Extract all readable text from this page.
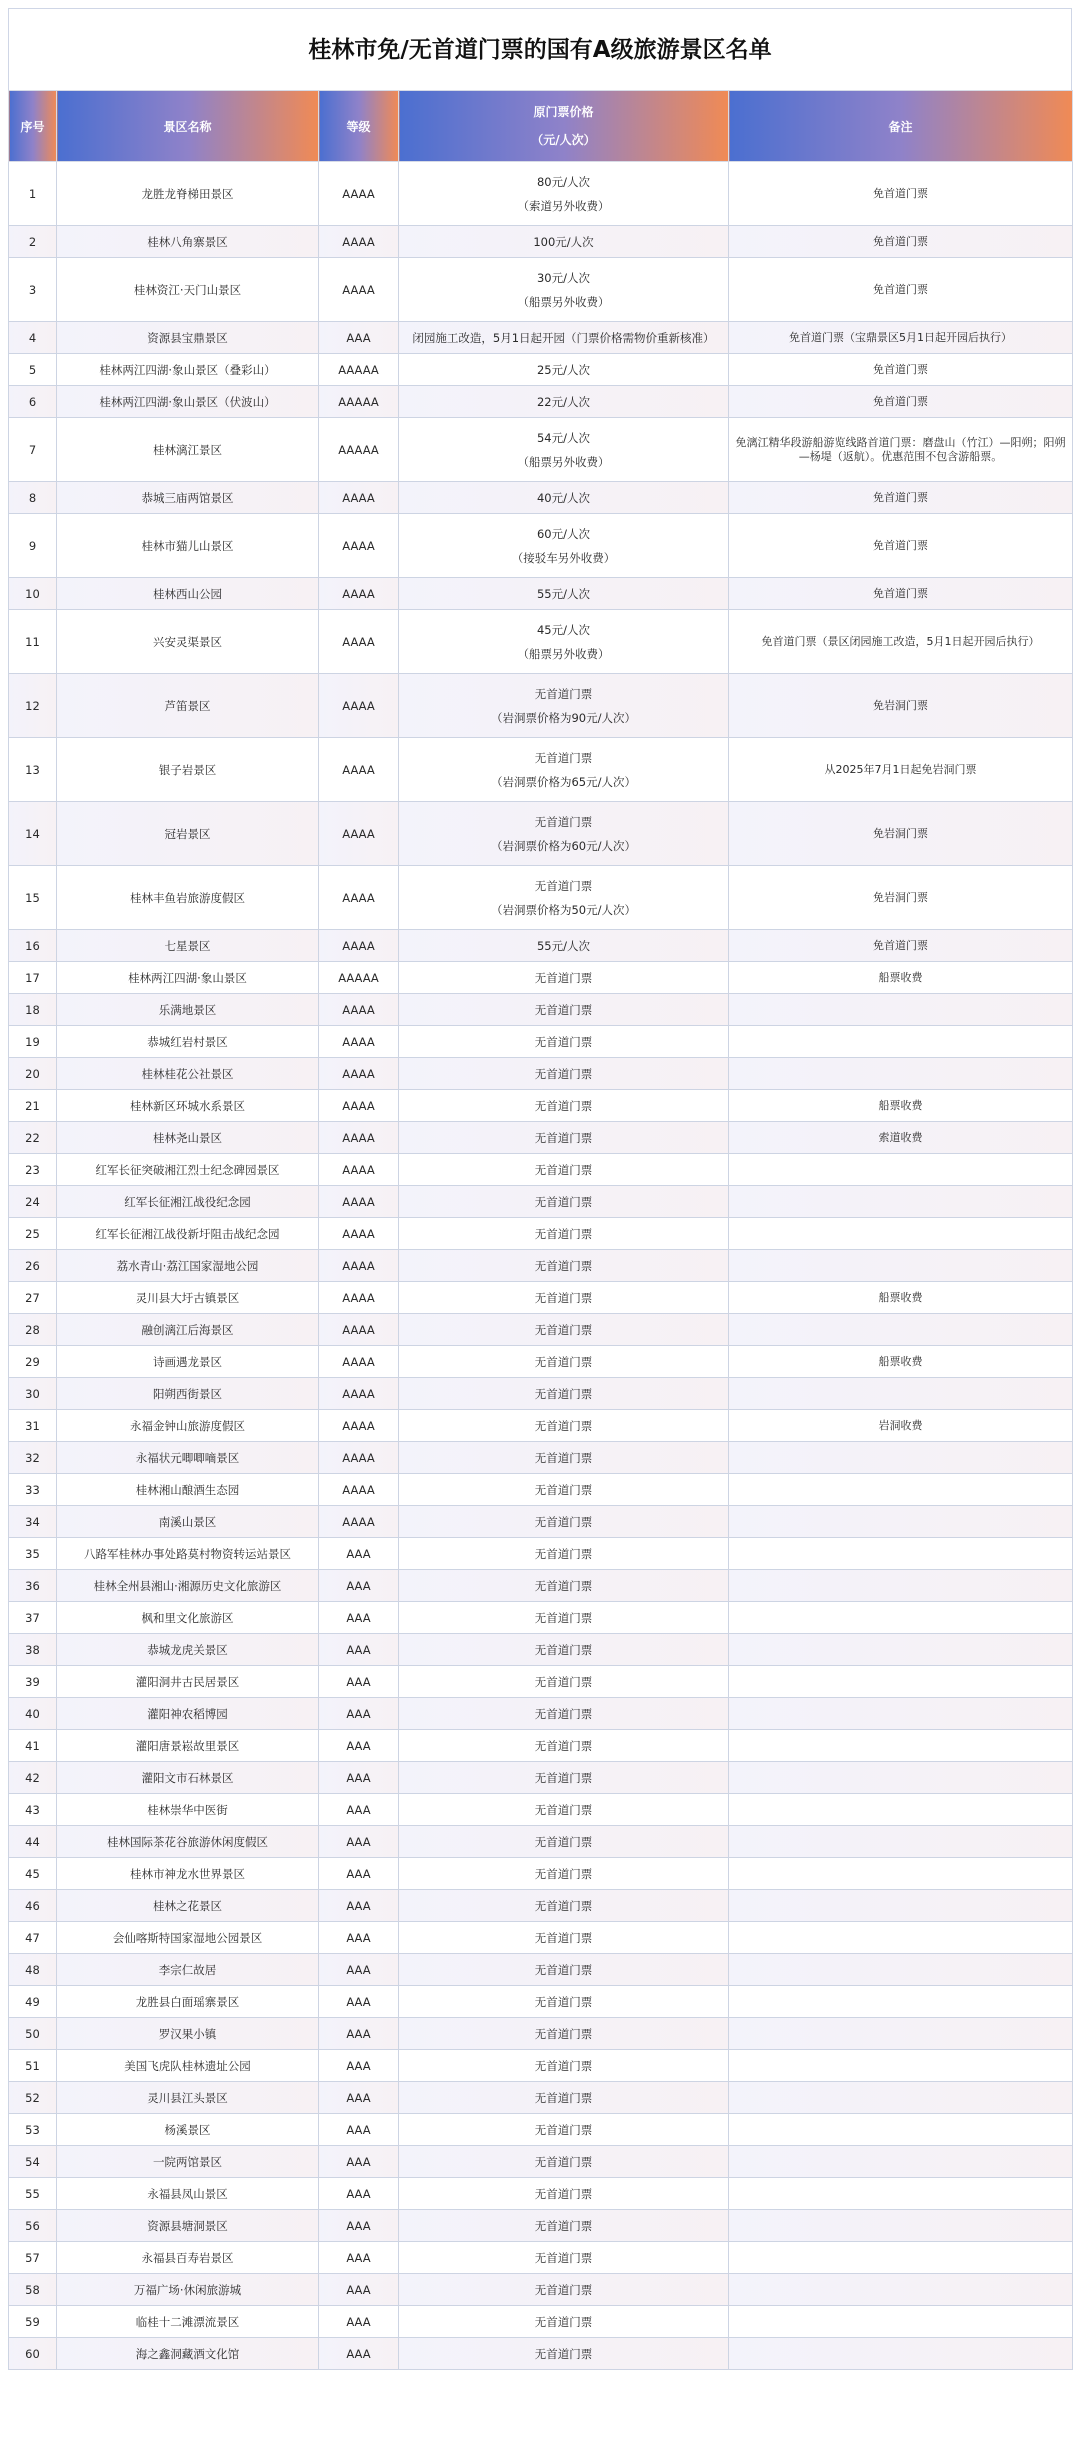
桂林市免/无首道门票的国有A级旅游景区名单
序号	景区名称	等级	原门票价格
（元/人次）	备注
1	龙胜龙脊梯田景区	AAAA	80元/人次
（索道另外收费）	免首道门票
2	桂林八角寨景区	AAAA	100元/人次	免首道门票
3	桂林资江·天门山景区	AAAA	30元/人次
（船票另外收费）	免首道门票
4	资源县宝鼎景区	AAA	闭园施工改造，5月1日起开园（门票价格需物价重新核准）	免首道门票（宝鼎景区5月1日起开园后执行）
5	桂林两江四湖·象山景区（叠彩山）	AAAAA	25元/人次	免首道门票
6	桂林两江四湖·象山景区（伏波山）	AAAAA	22元/人次	免首道门票
7	桂林漓江景区	AAAAA	54元/人次
（船票另外收费）	免漓江精华段游船游览线路首道门票：磨盘山（竹江）—阳朔；阳朔—杨堤（返航）。优惠范围不包含游船票。
8	恭城三庙两馆景区	AAAA	40元/人次	免首道门票
9	桂林市猫儿山景区	AAAA	60元/人次
（接驳车另外收费）	免首道门票
10	桂林西山公园	AAAA	55元/人次	免首道门票
11	兴安灵渠景区	AAAA	45元/人次
（船票另外收费）	免首道门票（景区闭园施工改造，5月1日起开园后执行）
12	芦笛景区	AAAA	无首道门票
（岩洞票价格为90元/人次）	免岩洞门票
13	银子岩景区	AAAA	无首道门票
（岩洞票价格为65元/人次）	从2025年7月1日起免岩洞门票
14	冠岩景区	AAAA	无首道门票
（岩洞票价格为60元/人次）	免岩洞门票
15	桂林丰鱼岩旅游度假区	AAAA	无首道门票
（岩洞票价格为50元/人次）	免岩洞门票
16	七星景区	AAAA	55元/人次	免首道门票
17	桂林两江四湖·象山景区	AAAAA	无首道门票	船票收费
18	乐满地景区	AAAA	无首道门票	
19	恭城红岩村景区	AAAA	无首道门票	
20	桂林桂花公社景区	AAAA	无首道门票	
21	桂林新区环城水系景区	AAAA	无首道门票	船票收费
22	桂林尧山景区	AAAA	无首道门票	索道收费
23	红军长征突破湘江烈士纪念碑园景区	AAAA	无首道门票	
24	红军长征湘江战役纪念园	AAAA	无首道门票	
25	红军长征湘江战役新圩阻击战纪念园	AAAA	无首道门票	
26	荔水青山·荔江国家湿地公园	AAAA	无首道门票	
27	灵川县大圩古镇景区	AAAA	无首道门票	船票收费
28	融创漓江后海景区	AAAA	无首道门票	
29	诗画遇龙景区	AAAA	无首道门票	船票收费
30	阳朔西街景区	AAAA	无首道门票	
31	永福金钟山旅游度假区	AAAA	无首道门票	岩洞收费
32	永福状元唧唧嘀景区	AAAA	无首道门票	
33	桂林湘山酿酒生态园	AAAA	无首道门票	
34	南溪山景区	AAAA	无首道门票	
35	八路军桂林办事处路莫村物资转运站景区	AAA	无首道门票	
36	桂林全州县湘山·湘源历史文化旅游区	AAA	无首道门票	
37	枫和里文化旅游区	AAA	无首道门票	
38	恭城龙虎关景区	AAA	无首道门票	
39	灌阳洞井古民居景区	AAA	无首道门票	
40	灌阳神农稻博园	AAA	无首道门票	
41	灌阳唐景崧故里景区	AAA	无首道门票	
42	灌阳文市石林景区	AAA	无首道门票	
43	桂林崇华中医街	AAA	无首道门票	
44	桂林国际茶花谷旅游休闲度假区	AAA	无首道门票	
45	桂林市神龙水世界景区	AAA	无首道门票	
46	桂林之花景区	AAA	无首道门票	
47	会仙喀斯特国家湿地公园景区	AAA	无首道门票	
48	李宗仁故居	AAA	无首道门票	
49	龙胜县白面瑶寨景区	AAA	无首道门票	
50	罗汉果小镇	AAA	无首道门票	
51	美国飞虎队桂林遗址公园	AAA	无首道门票	
52	灵川县江头景区	AAA	无首道门票	
53	杨溪景区	AAA	无首道门票	
54	一院两馆景区	AAA	无首道门票	
55	永福县凤山景区	AAA	无首道门票	
56	资源县塘洞景区	AAA	无首道门票	
57	永福县百寿岩景区	AAA	无首道门票	
58	万福广场·休闲旅游城	AAA	无首道门票	
59	临桂十二滩漂流景区	AAA	无首道门票	
60	海之鑫洞藏酒文化馆	AAA	无首道门票	
